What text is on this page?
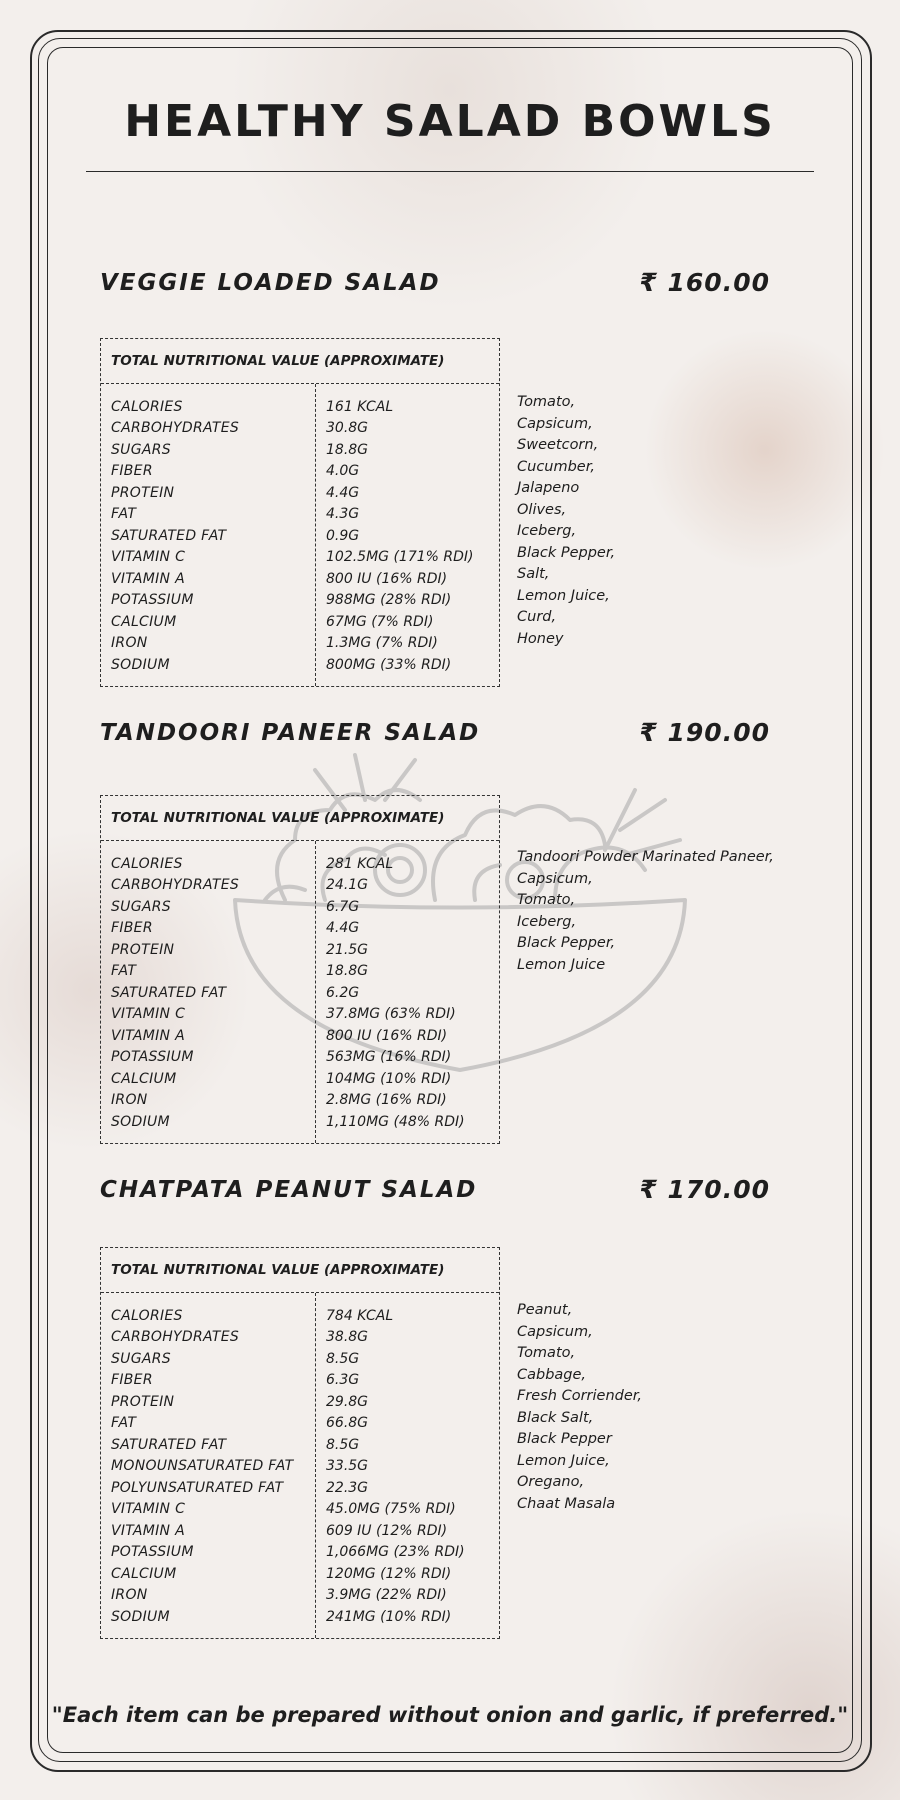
HEALTHY SALAD BOWLS
VEGGIE LOADED SALAD	₹ 160.00
TOTAL NUTRITIONAL VALUE (APPROXIMATE)
CALORIES	161 KCAL
CARBOHYDRATES	30.8G
SUGARS	18.8G
FIBER	4.0G
PROTEIN	4.4G
FAT	4.3G
SATURATED FAT	0.9G
VITAMIN C	102.5MG (171% RDI)
VITAMIN A	800 IU (16% RDI)
POTASSIUM	988MG (28% RDI)
CALCIUM	67MG (7% RDI)
IRON	1.3MG (7% RDI)
SODIUM	800MG (33% RDI)
Tomato,
Capsicum,
Sweetcorn,
Cucumber,
Jalapeno
Olives,
Iceberg,
Black Pepper,
Salt,
Lemon Juice,
Curd,
Honey
TANDOORI PANEER SALAD	₹ 190.00
TOTAL NUTRITIONAL VALUE (APPROXIMATE)
CALORIES	281 KCAL
CARBOHYDRATES	24.1G
SUGARS	6.7G
FIBER	4.4G
PROTEIN	21.5G
FAT	18.8G
SATURATED FAT	6.2G
VITAMIN C	37.8MG (63% RDI)
VITAMIN A	800 IU (16% RDI)
POTASSIUM	563MG (16% RDI)
CALCIUM	104MG (10% RDI)
IRON	2.8MG (16% RDI)
SODIUM	1,110MG (48% RDI)
Tandoori Powder Marinated Paneer,
Capsicum,
Tomato,
Iceberg,
Black Pepper,
Lemon Juice
CHATPATA PEANUT SALAD	₹ 170.00
TOTAL NUTRITIONAL VALUE (APPROXIMATE)
CALORIES	784 KCAL
CARBOHYDRATES	38.8G
SUGARS	8.5G
FIBER	6.3G
PROTEIN	29.8G
FAT	66.8G
SATURATED FAT	8.5G
MONOUNSATURATED FAT	33.5G
POLYUNSATURATED FAT	22.3G
VITAMIN C	45.0MG (75% RDI)
VITAMIN A	609 IU (12% RDI)
POTASSIUM	1,066MG (23% RDI)
CALCIUM	120MG (12% RDI)
IRON	3.9MG (22% RDI)
SODIUM	241MG (10% RDI)
Peanut,
Capsicum,
Tomato,
Cabbage,
Fresh Corriender,
Black Salt,
Black Pepper
Lemon Juice,
Oregano,
Chaat Masala
"Each item can be prepared without onion and garlic, if preferred."
